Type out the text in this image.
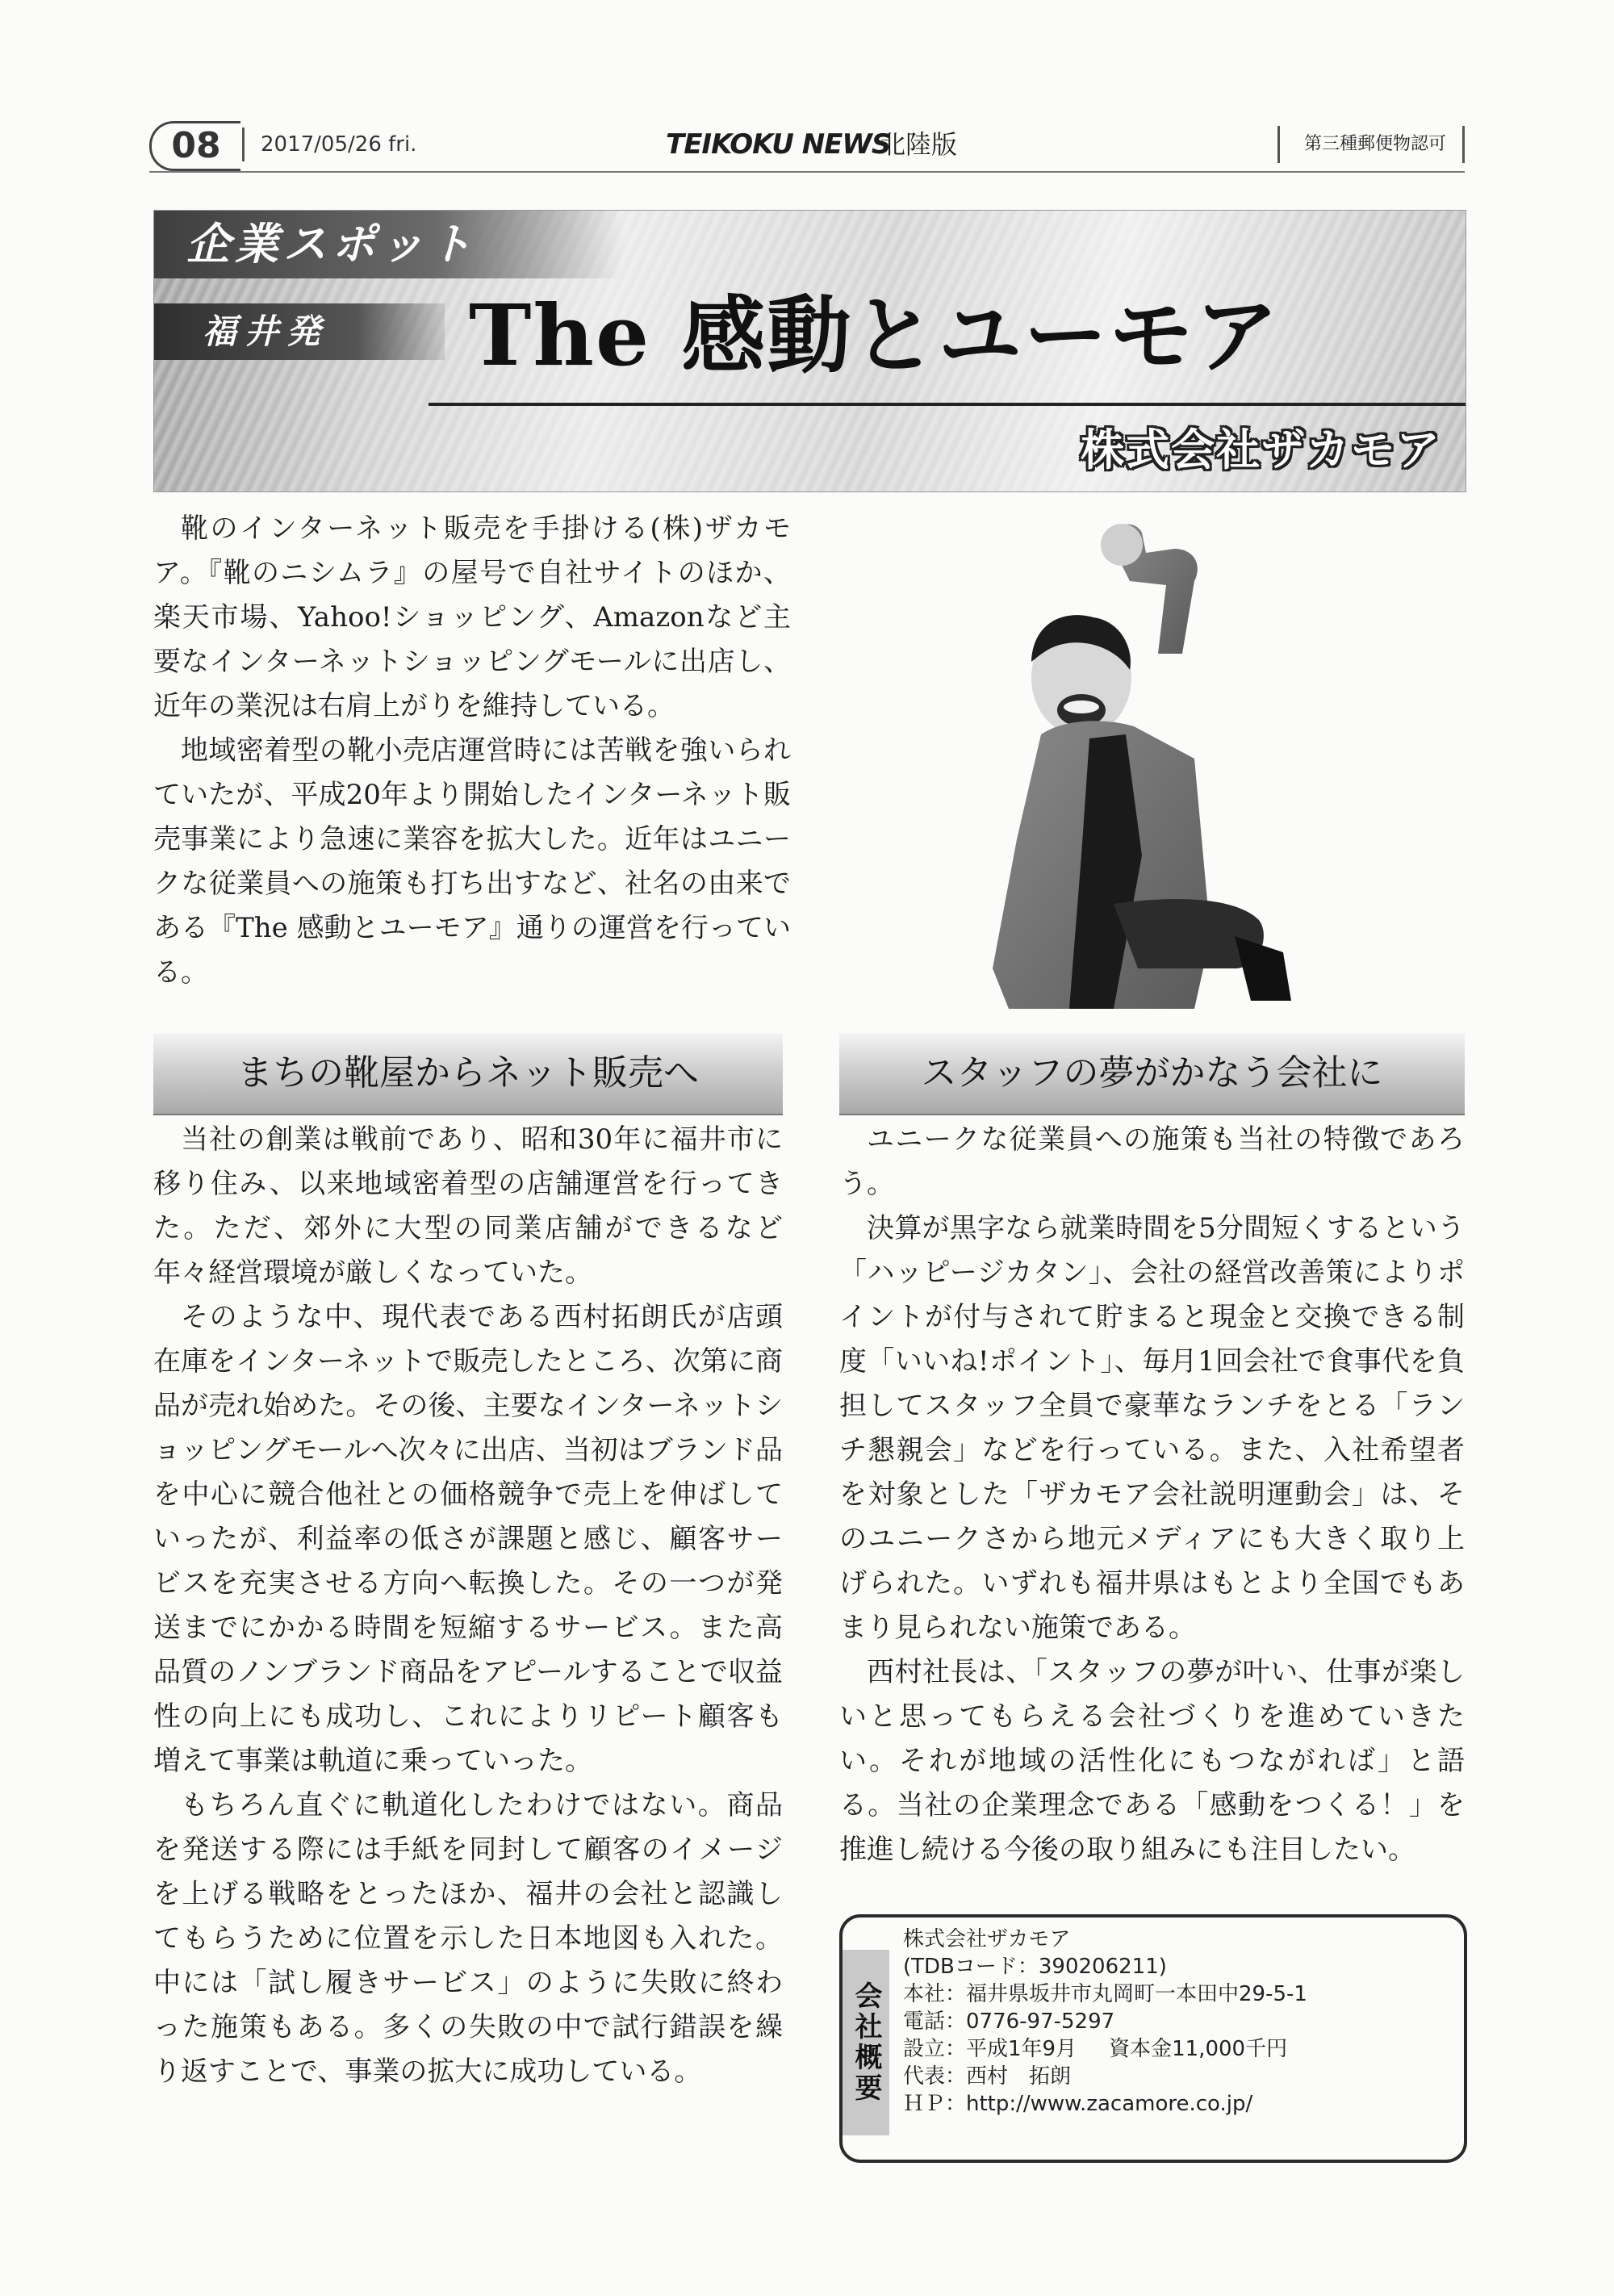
08	2017/05/26 fri.	TEIKOKU NEWS
北陸版	第三種郵便物認可
企業スポット
福井発	The 感動とユーモア
株式会社ザカモア

靴のインターネット販売を手掛ける(株)ザカモア。『靴のニシムラ』の屋号で自社サイトのほか、楽天市場、Yahoo!ショッピング、Amazonなど主要なインターネットショッピングモールに出店し、近年の業況は右肩上がりを維持している。

地域密着型の靴小売店運営時には苦戦を強いられていたが、平成20年より開始したインターネット販売事業により急速に業容を拡大した。近年はユニークな従業員への施策も打ち出すなど、社名の由来である『The 感動とユーモア』通りの運営を行っている。

まちの靴屋からネット販売へ	スタッフの夢がかなう会社に

当社の創業は戦前であり、昭和30年に福井市に移り住み、以来地域密着型の店舗運営を行ってきた。ただ、郊外に大型の同業店舗ができるなど年々経営環境が厳しくなっていた。

そのような中、現代表である西村拓朗氏が店頭在庫をインターネットで販売したところ、次第に商品が売れ始めた。その後、主要なインターネットショッピングモールへ次々に出店、当初はブランド品を中心に競合他社との価格競争で売上を伸ばしていったが、利益率の低さが課題と感じ、顧客サービスを充実させる方向へ転換した。その一つが発送までにかかる時間を短縮するサービス。また高品質のノンブランド商品をアピールすることで収益性の向上にも成功し、これによりリピート顧客も増えて事業は軌道に乗っていった。

もちろん直ぐに軌道化したわけではない。商品を発送する際には手紙を同封して顧客のイメージを上げる戦略をとったほか、福井の会社と認識してもらうために位置を示した日本地図も入れた。中には「試し履きサービス」のように失敗に終わった施策もある。多くの失敗の中で試行錯誤を繰り返すことで、事業の拡大に成功している。

ユニークな従業員への施策も当社の特徴であろう。

決算が黒字なら就業時間を5分間短くするという「ハッピージカタン」、会社の経営改善策によりポイントが付与されて貯まると現金と交換できる制度「いいね!ポイント」、毎月1回会社で食事代を負担してスタッフ全員で豪華なランチをとる「ランチ懇親会」などを行っている。また、入社希望者を対象とした「ザカモア会社説明運動会」は、そのユニークさから地元メディアにも大きく取り上げられた。いずれも福井県はもとより全国でもあまり見られない施策である。

西村社長は、「スタッフの夢が叶い、仕事が楽しいと思ってもらえる会社づくりを進めていきたい。それが地域の活性化にもつながれば」と語る。当社の企業理念である「感動をつくる！」を推進し続ける今後の取り組みにも注目したい。

会社概要
株式会社ザカモア
(TDBコード：390206211)
本社：福井県坂井市丸岡町一本田中29-5-1
電話：0776-97-5297
設立：平成1年9月 資本金11,000千円
代表：西村　拓朗
ＨＰ：http://www.zacamore.co.jp/
